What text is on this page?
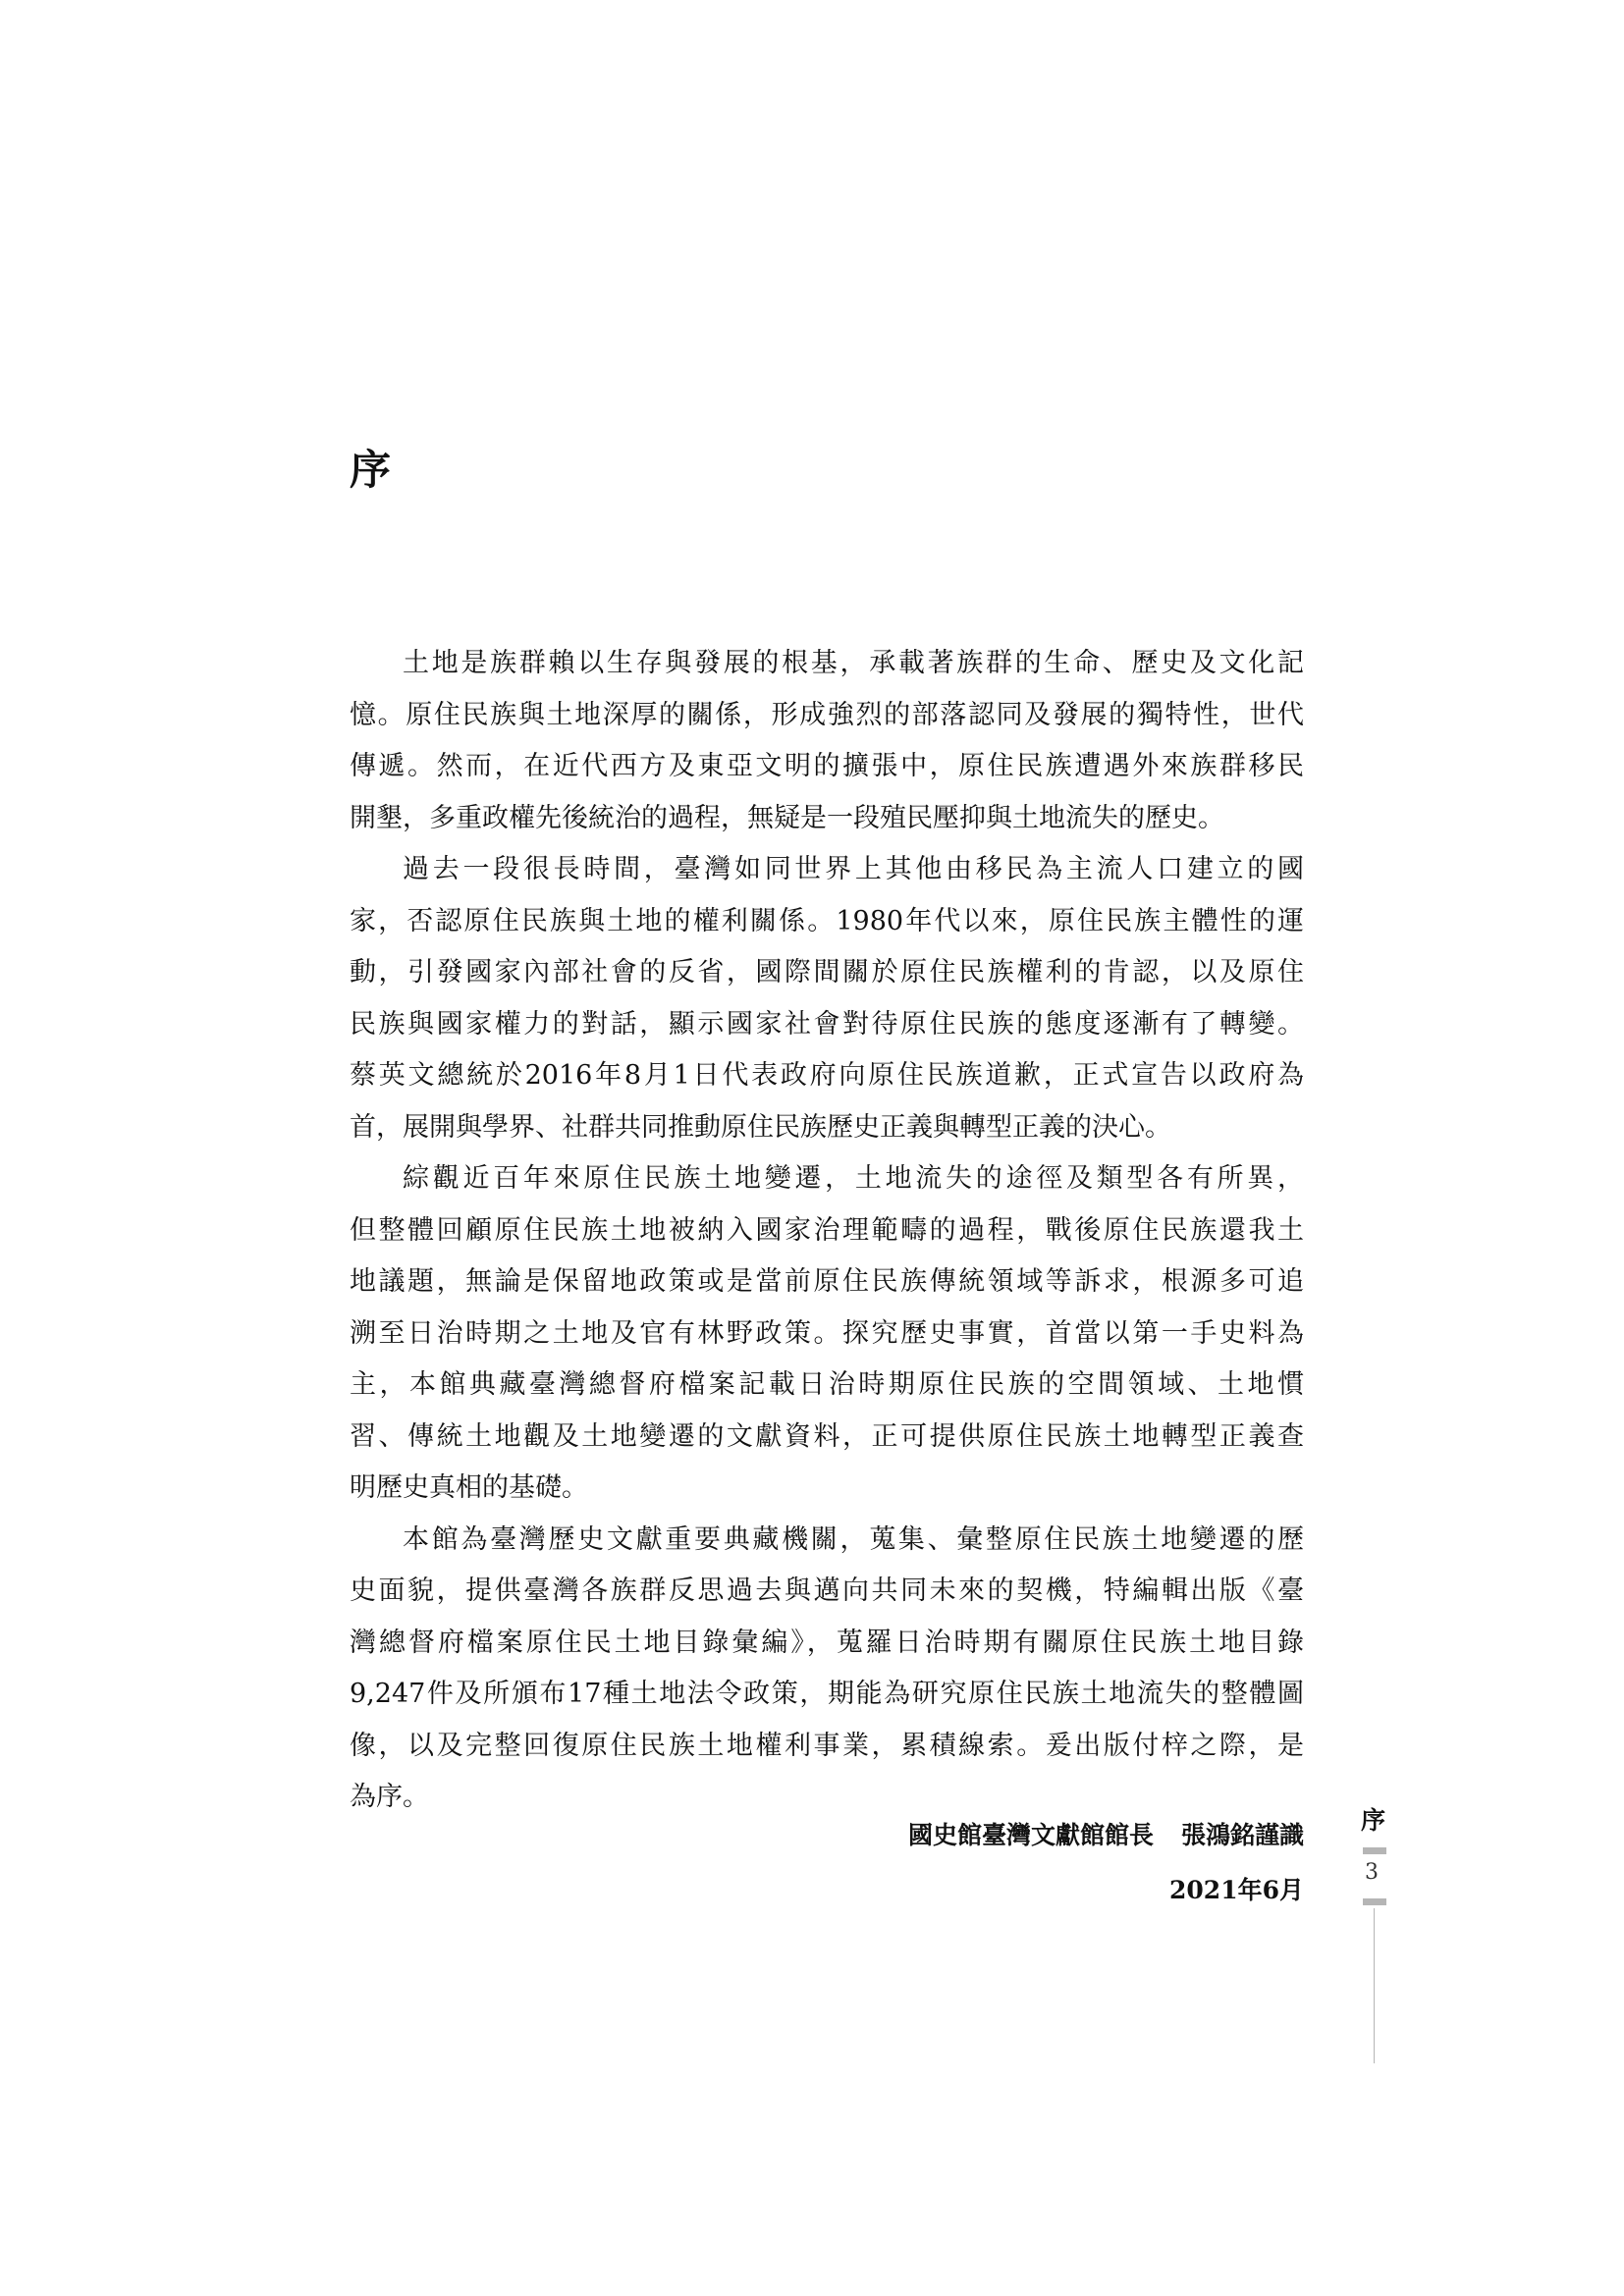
序
土地是族群賴以生存與發展的根基，承載著族群的生命、歷史及文化記
憶。原住民族與土地深厚的關係，形成強烈的部落認同及發展的獨特性，世代
傳遞。然而，在近代西方及東亞文明的擴張中，原住民族遭遇外來族群移民
開墾，多重政權先後統治的過程，無疑是一段殖民壓抑與土地流失的歷史。
過去一段很長時間，臺灣如同世界上其他由移民為主流人口建立的國
家，否認原住民族與土地的權利關係。1980年代以來，原住民族主體性的運
動，引發國家內部社會的反省，國際間關於原住民族權利的肯認，以及原住
民族與國家權力的對話，顯示國家社會對待原住民族的態度逐漸有了轉變。
蔡英文總統於2016年8月1日代表政府向原住民族道歉，正式宣告以政府為
首，展開與學界、社群共同推動原住民族歷史正義與轉型正義的決心。
綜觀近百年來原住民族土地變遷，土地流失的途徑及類型各有所異，
但整體回顧原住民族土地被納入國家治理範疇的過程，戰後原住民族還我土
地議題，無論是保留地政策或是當前原住民族傳統領域等訴求，根源多可追
溯至日治時期之土地及官有林野政策。探究歷史事實，首當以第一手史料為
主，本館典藏臺灣總督府檔案記載日治時期原住民族的空間領域、土地慣
習、傳統土地觀及土地變遷的文獻資料，正可提供原住民族土地轉型正義查
明歷史真相的基礎。
本館為臺灣歷史文獻重要典藏機關，蒐集、彙整原住民族土地變遷的歷
史面貌，提供臺灣各族群反思過去與邁向共同未來的契機，特編輯出版《臺
灣總督府檔案原住民土地目錄彙編》，蒐羅日治時期有關原住民族土地目錄
9,247件及所頒布17種土地法令政策，期能為研究原住民族土地流失的整體圖
像，以及完整回復原住民族土地權利事業，累積線索。爰出版付梓之際，是
為序。
國史館臺灣文獻館館長 張鴻銘謹識
2021年6月
序
3
